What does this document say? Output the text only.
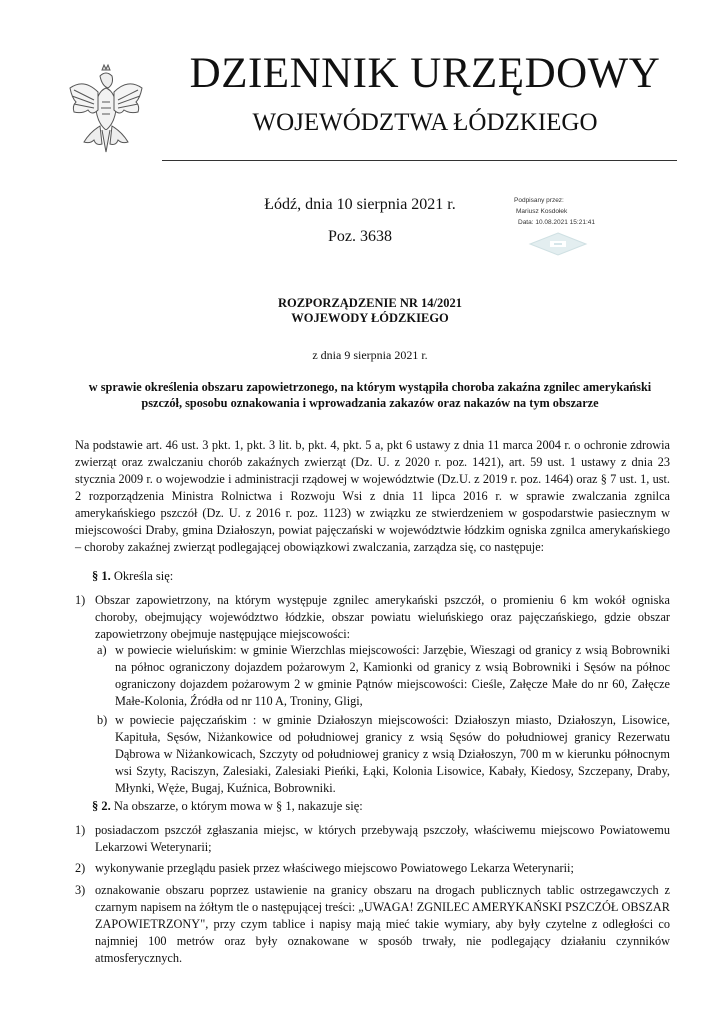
DZIENNIK URZĘDOWY
WOJEWÓDZTWA ŁÓDZKIEGO
Łódź, dnia 10 sierpnia 2021 r.
Poz. 3638
Podpisany przez:
Mariusz Kosdołek
Data: 10.08.2021 15:21:41
ROZPORZĄDZENIE NR 14/2021
WOJEWODY ŁÓDZKIEGO
z dnia 9 sierpnia 2021 r.
w sprawie określenia obszaru zapowietrzonego, na którym wystąpiła choroba zakaźna zgnilec amerykański pszczół, sposobu oznakowania i wprowadzania zakazów oraz nakazów na tym obszarze
Na podstawie art. 46 ust. 3 pkt. 1, pkt. 3 lit. b, pkt. 4, pkt. 5 a, pkt 6 ustawy z dnia 11 marca 2004 r. o ochronie zdrowia zwierząt oraz zwalczaniu chorób zakaźnych zwierząt (Dz. U. z 2020 r. poz. 1421), art. 59 ust. 1 ustawy z dnia 23 stycznia 2009 r. o wojewodzie i administracji rządowej w województwie (Dz.U. z 2019 r. poz. 1464) oraz § 7 ust. 1, ust. 2 rozporządzenia Ministra Rolnictwa i Rozwoju Wsi z dnia 11 lipca 2016 r. w sprawie zwalczania zgnilca amerykańskiego pszczół (Dz. U. z 2016 r. poz. 1123) w związku ze stwierdzeniem w gospodarstwie pasiecznym w miejscowości Draby, gmina Działoszyn, powiat pajęczański w województwie łódzkim ogniska zgnilca amerykańskiego – choroby zakaźnej zwierząt podlegającej obowiązkowi zwalczania, zarządza się, co następuje:
§ 1. Określa się:
1) Obszar zapowietrzony, na którym występuje zgnilec amerykański pszczół, o promieniu 6 km wokół ogniska choroby, obejmujący województwo łódzkie, obszar powiatu wieluńskiego oraz pajęczańskiego, gdzie obszar zapowietrzony obejmuje następujące miejscowości:
a) w powiecie wieluńskim: w gminie Wierzchlas miejscowości: Jarzębie, Wieszagi od granicy z wsią Bobrowniki na północ ograniczony dojazdem pożarowym 2, Kamionki od granicy z wsią Bobrowniki i Sęsów na północ ograniczony dojazdem pożarowym 2 w gminie Pątnów miejscowości: Cieśle, Załęcze Małe do nr 60, Załęcze Małe-Kolonia, Źródła od nr 110 A, Troniny, Gligi,
b) w powiecie pajęczańskim : w gminie Działoszyn miejscowości: Działoszyn miasto, Działoszyn, Lisowice, Kapituła, Sęsów, Niżankowice od południowej granicy z wsią Sęsów do południowej granicy Rezerwatu Dąbrowa w Niżankowicach, Szczyty od południowej granicy z wsią Działoszyn, 700 m w kierunku północnym wsi Szyty, Raciszyn, Zalesiaki, Zalesiaki Pieńki, Łąki, Kolonia Lisowice, Kabały, Kiedosy, Szczepany, Draby, Młynki, Węże, Bugaj, Kuźnica, Bobrowniki.
§ 2. Na obszarze, o którym mowa w § 1, nakazuje się:
1) posiadaczom pszczół zgłaszania miejsc, w których przebywają pszczoły, właściwemu miejscowo Powiatowemu Lekarzowi Weterynarii;
2) wykonywanie przeglądu pasiek przez właściwego miejscowo Powiatowego Lekarza Weterynarii;
3) oznakowanie obszaru poprzez ustawienie na granicy obszaru na drogach publicznych tablic ostrzegawczych z czarnym napisem na żółtym tle o następującej treści: „UWAGA! ZGNILEC AMERYKAŃSKI PSZCZÓŁ OBSZAR ZAPOWIETRZONY", przy czym tablice i napisy mają mieć takie wymiary, aby były czytelne z odległości co najmniej 100 metrów oraz były oznakowane w sposób trwały, nie podlegający działaniu czynników atmosferycznych.
